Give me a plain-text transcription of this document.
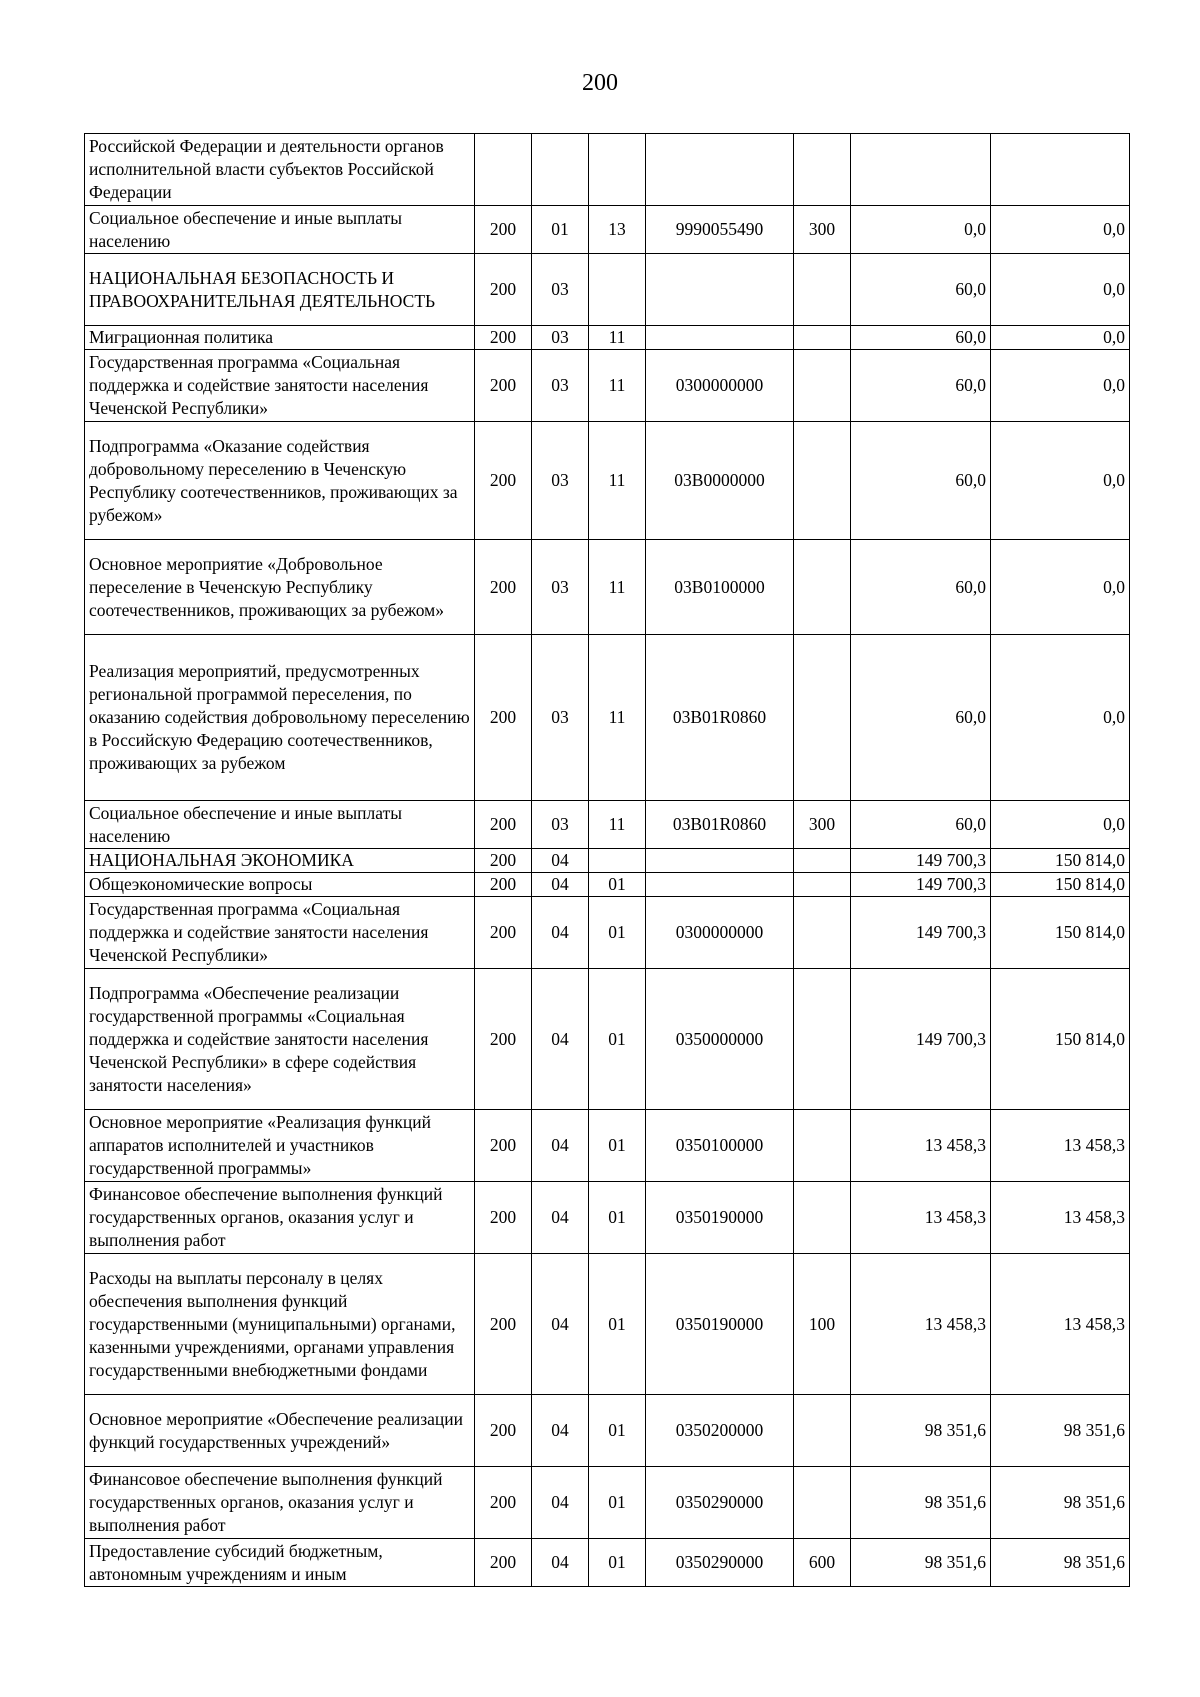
200
Российской Федерации и деятельности органов исполнительной власти субъектов Российской Федерации							
Социальное обеспечение и иные выплаты населению	200	01	13	9990055490	300	0,0	0,0
НАЦИОНАЛЬНАЯ БЕЗОПАСНОСТЬ И ПРАВООХРАНИТЕЛЬНАЯ ДЕЯТЕЛЬНОСТЬ	200	03				60,0	0,0
Миграционная политика	200	03	11			60,0	0,0
Государственная программа «Социальная поддержка и содействие занятости населения Чеченской Республики»	200	03	11	0300000000		60,0	0,0
Подпрограмма «Оказание содействия добровольному переселению в Чеченскую Республику соотечественников, проживающих за рубежом»	200	03	11	03В0000000		60,0	0,0
Основное мероприятие «Добровольное переселение в Чеченскую Республику соотечественников, проживающих за рубежом»	200	03	11	03В0100000		60,0	0,0
Реализация мероприятий, предусмотренных региональной программой переселения, по оказанию содействия добровольному переселению в Российскую Федерацию соотечественников, проживающих за рубежом	200	03	11	03В01R0860		60,0	0,0
Социальное обеспечение и иные выплаты населению	200	03	11	03В01R0860	300	60,0	0,0
НАЦИОНАЛЬНАЯ ЭКОНОМИКА	200	04				149 700,3	150 814,0
Общеэкономические вопросы	200	04	01			149 700,3	150 814,0
Государственная программа «Социальная поддержка и содействие занятости населения Чеченской Республики»	200	04	01	0300000000		149 700,3	150 814,0
Подпрограмма «Обеспечение реализации государственной программы «Социальная поддержка и содействие занятости населения Чеченской Республики» в сфере содействия занятости населения»	200	04	01	0350000000		149 700,3	150 814,0
Основное мероприятие «Реализация функций аппаратов исполнителей и участников государственной программы»	200	04	01	0350100000		13 458,3	13 458,3
Финансовое обеспечение выполнения функций государственных органов, оказания услуг и выполнения работ	200	04	01	0350190000		13 458,3	13 458,3
Расходы на выплаты персоналу в целях обеспечения выполнения функций государственными (муниципальными) органами, казенными учреждениями, органами управления государственными внебюджетными фондами	200	04	01	0350190000	100	13 458,3	13 458,3
Основное мероприятие «Обеспечение реализации функций государственных учреждений»	200	04	01	0350200000		98 351,6	98 351,6
Финансовое обеспечение выполнения функций государственных органов, оказания услуг и выполнения работ	200	04	01	0350290000		98 351,6	98 351,6
Предоставление субсидий бюджетным, автономным учреждениям и иным	200	04	01	0350290000	600	98 351,6	98 351,6
